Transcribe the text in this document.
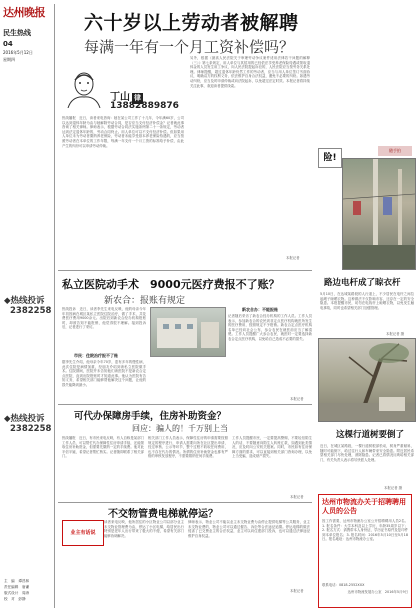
达州晚报
民生热线
04
2016年5月12日
星期四
◆热线投诉
2382258
◆热线投诉
2382258
主　编　 谭昌林
责任编辑　 唐谦
版式设计　 周涛
校　对　 彭静
六十岁以上劳动者被解聘
每满一年有一个月工资补偿吗？
丁山 律
13882889876
热线播报　近日，读者来电咨询：她在某公司工作了十几年，今年满60岁，公司以达到退休年龄为由与她解除劳动合同，是否应当支付经济补偿金？记者就此事咨询了相关律师。律师表示，根据劳动合同法实施条例第二十一条规定，劳动者达到法定退休年龄的，劳动合同终止。用人单位可以不支付经济补偿。但如果用人单位未为劳动者缴纳养老保险，劳动者未能享受基本养老保险待遇的，应当按照劳动者在本单位的工作年限，每满一年支付一个月工资的标准给予补偿，由此产生的纠纷可以申请劳动仲裁。
另外，根据《最高人民法院关于审理劳动争议案件适用法律若干问题的解释（三）》第七条规定，用人单位与其招用的已经依法享受养老保险待遇或领取退休金的人员发生用工争议，向人民法院提起诉讼的，人民法院应当按劳务关系处理。律师提醒，超过退休年龄仍然工作的劳动者，应当与用人单位签订书面协议，明确双方的权利义务，依法维护自身合法权益，避免不必要的纠纷。如遇劳动纠纷，应当及时申请仲裁或向法院起诉，以免超过法定时效。本报记者将持续关注此事，欢迎读者提供线索。
本报记者
险!
随手拍
路边电杆成了晾衣杆
5月10日，在达城某路段的人行道上，不少居民在电杆之间拉起绳子晾晒衣物。这种做法不仅影响市容，还存在一定的安全隐患。本报提醒市民，切勿在电线杆上晾晒衣物，以免发生触电事故，同时也希望相关部门加强管理。
本报记者 摄
这棵行道树要倒了
近日，在城区某路段，一棵行道树根部松动，树身严重倾斜，随时可能倒下，给过往行人和车辆带来安全隐患。附近居民希望相关部门尽快处理，消除隐患。记者已将情况反映给相关部门，有关负责人表示将尽快派人处理。
本报记者 摄
私立医院动手术　9000元医疗费报不了账？
新农合：报账有规定
热线投诉　近日，读者李先生来电反映，他的母亲今年年初因病在城区某私立医院住院治疗，做了手术，共花费医疗费用9000余元。出院后到新农合经办机构报账时，却被告知不能报销，他觉得很不理解。接到投诉后，记者进行了采访。
市民：住院治疗报不了账
据李先生介绍，他母亲今年70岁，患有多年的慢性病，此次住院是病情加重，经朋友介绍到该私立医院做手术。住院期间，医院并未告知他们该医院不是新农合定点医院，直到出院报账时才知道此事。他认为医院有告知义务，希望相关部门能够帮他解决这个问题，让他的损失能降到最小。
新农合办：不能报账
记者随后采访了新农合经办机构的工作人员。工作人员表示，参加新农合的农民到非定点医疗机构就医所发生的医疗费用，按照规定不予报销。新农合定点医疗机构名单已经向社会公布，参合农民在就医前应当了解清楚。工作人员提醒广大参合农民，就医时一定要选择新农合定点医疗机构，以免给自己造成不必要的损失。
本报记者
可代办保障房手续，住房补助资金？
回应：骗人的！千万别上当
热线播报　近日，有市民来电反映，有人自称是某部门工作人员，可以帮忙代办保障性住房申请手续，还能领取住房补助资金，但需要先缴纳一定的手续费。他对此半信半疑，希望记者帮忙核实。记者随即联系了相关部门。
相关部门工作人员表示，保障性住房的申请需要按照规定的程序进行，申请人需要向所在社区提出申请，经过审核、公示等环节，整个过程不收取任何费用，也不存在代办的情况。所谓的住房补助资金也都有严格的审核发放程序，不需要缴纳任何手续费。
工作人员提醒市民，一定要提高警惕，不要轻信陌生人的话，不要随意向陌生人转账汇款，如遇到此类情况，应及时向公安机关报案。同时，市民如有住房保障方面的需求，可以直接到相关部门咨询办理，以免上当受骗，造成财产损失。
本报记者
不交物管费电梯就停运？
业主有话说
读者来电反映，他所居住的小区物业公司以部分业主未交物业管理费为由，停运了小区电梯，给居民出行特别是老年人出行带来了极大的不便，希望有关部门能够协调解决。
律师表示，物业公司不能以业主未交物业费为由停止提供电梯等公共服务，业主未交物业费的，物业公司可以通过催告、诉讼等合法途径追缴。停运电梯的做法侵害了已交费业主的合法权益，业主可以向住建部门投诉，也可以通过法律途径维护自身权益。
本报记者
达州市物流办关于招聘聘用人员的公告
因工作需要，达州市物流办公室公开招聘聘用人员2名。1. 报名条件：大学本科及以上学历，年龄35周岁以下；2. 报名方式：请携带本人身份证、学历证书原件及复印件到本单位报名；3. 报名时间：2016年5月10日至5月18日。报名地址：达州市物流办公室。
联系电话：0818-2552XXX
达州市物流发展办公室　2016年5月9日
